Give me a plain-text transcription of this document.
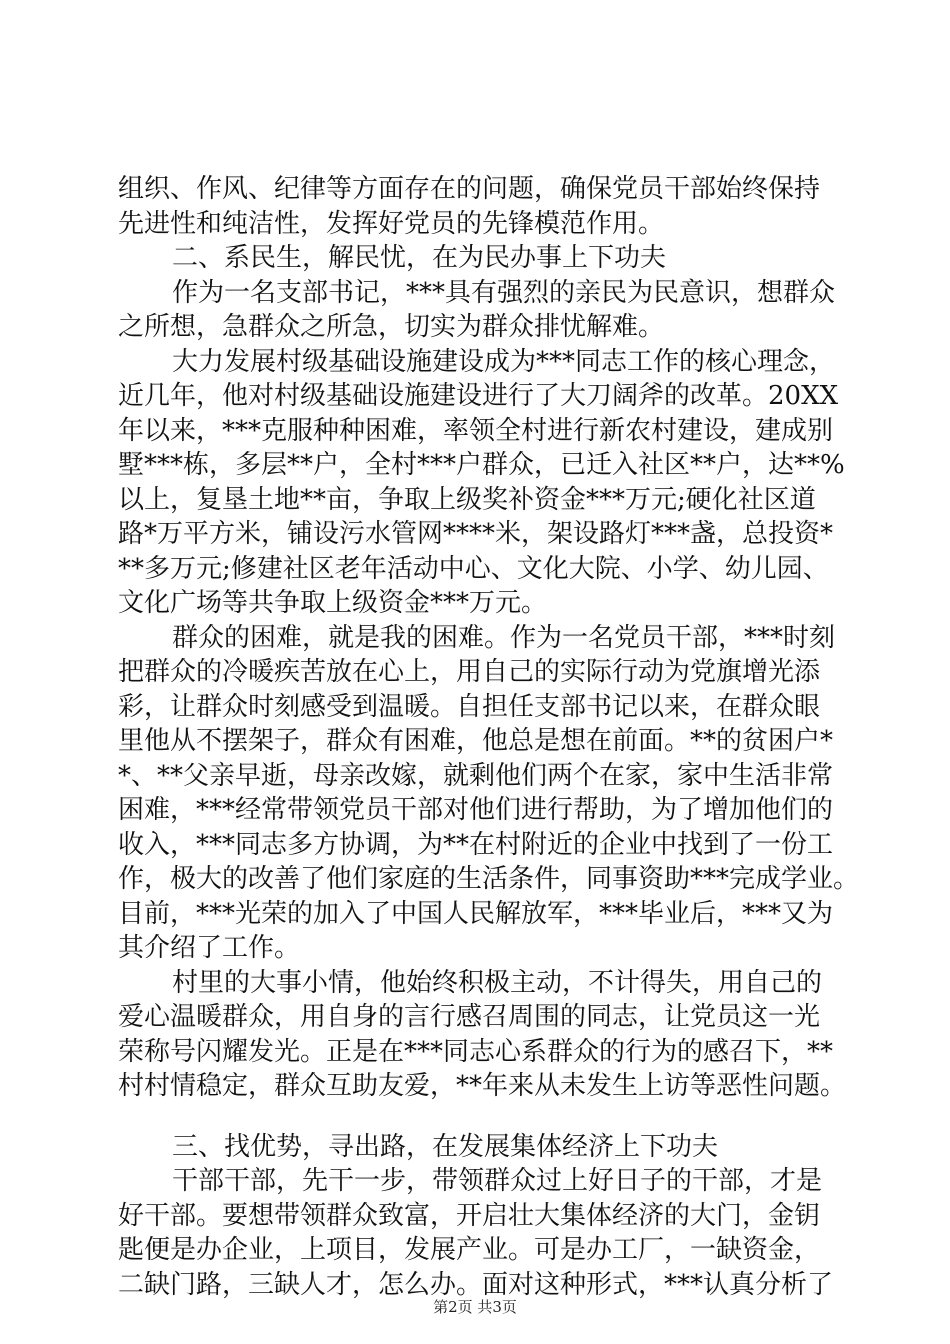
组织、作风、纪律等方面存在的问题，确保党员干部始终保持
先进性和纯洁性，发挥好党员的先锋模范作用。
二、系民生，解民忧，在为民办事上下功夫
作为一名支部书记，***具有强烈的亲民为民意识，想群众
之所想，急群众之所急，切实为群众排忧解难。
大力发展村级基础设施建设成为***同志工作的核心理念，
近几年，他对村级基础设施建设进行了大刀阔斧的改革。20XX
年以来，***克服种种困难，率领全村进行新农村建设，建成别
墅***栋，多层**户，全村***户群众，已迁入社区**户，达**%
以上，复垦土地**亩，争取上级奖补资金***万元;硬化社区道
路*万平方米，铺设污水管网****米，架设路灯***盏，总投资*
**多万元;修建社区老年活动中心、文化大院、小学、幼儿园、
文化广场等共争取上级资金***万元。
群众的困难，就是我的困难。作为一名党员干部，***时刻
把群众的冷暖疾苦放在心上，用自己的实际行动为党旗增光添
彩，让群众时刻感受到温暖。自担任支部书记以来，在群众眼
里他从不摆架子，群众有困难，他总是想在前面。**的贫困户*
*、**父亲早逝，母亲改嫁，就剩他们两个在家，家中生活非常
困难，***经常带领党员干部对他们进行帮助，为了增加他们的
收入，***同志多方协调，为**在村附近的企业中找到了一份工
作，极大的改善了他们家庭的生活条件，同事资助***完成学业。
目前，***光荣的加入了中国人民解放军，***毕业后，***又为
其介绍了工作。
村里的大事小情，他始终积极主动，不计得失，用自己的
爱心温暖群众，用自身的言行感召周围的同志，让党员这一光
荣称号闪耀发光。正是在***同志心系群众的行为的感召下，**
村村情稳定，群众互助友爱，**年来从未发生上访等恶性问题。
三、找优势，寻出路，在发展集体经济上下功夫
干部干部，先干一步，带领群众过上好日子的干部，才是
好干部。要想带领群众致富，开启壮大集体经济的大门，金钥
匙便是办企业，上项目，发展产业。可是办工厂，一缺资金，
二缺门路，三缺人才，怎么办。面对这种形式，***认真分析了
第2页 共3页
